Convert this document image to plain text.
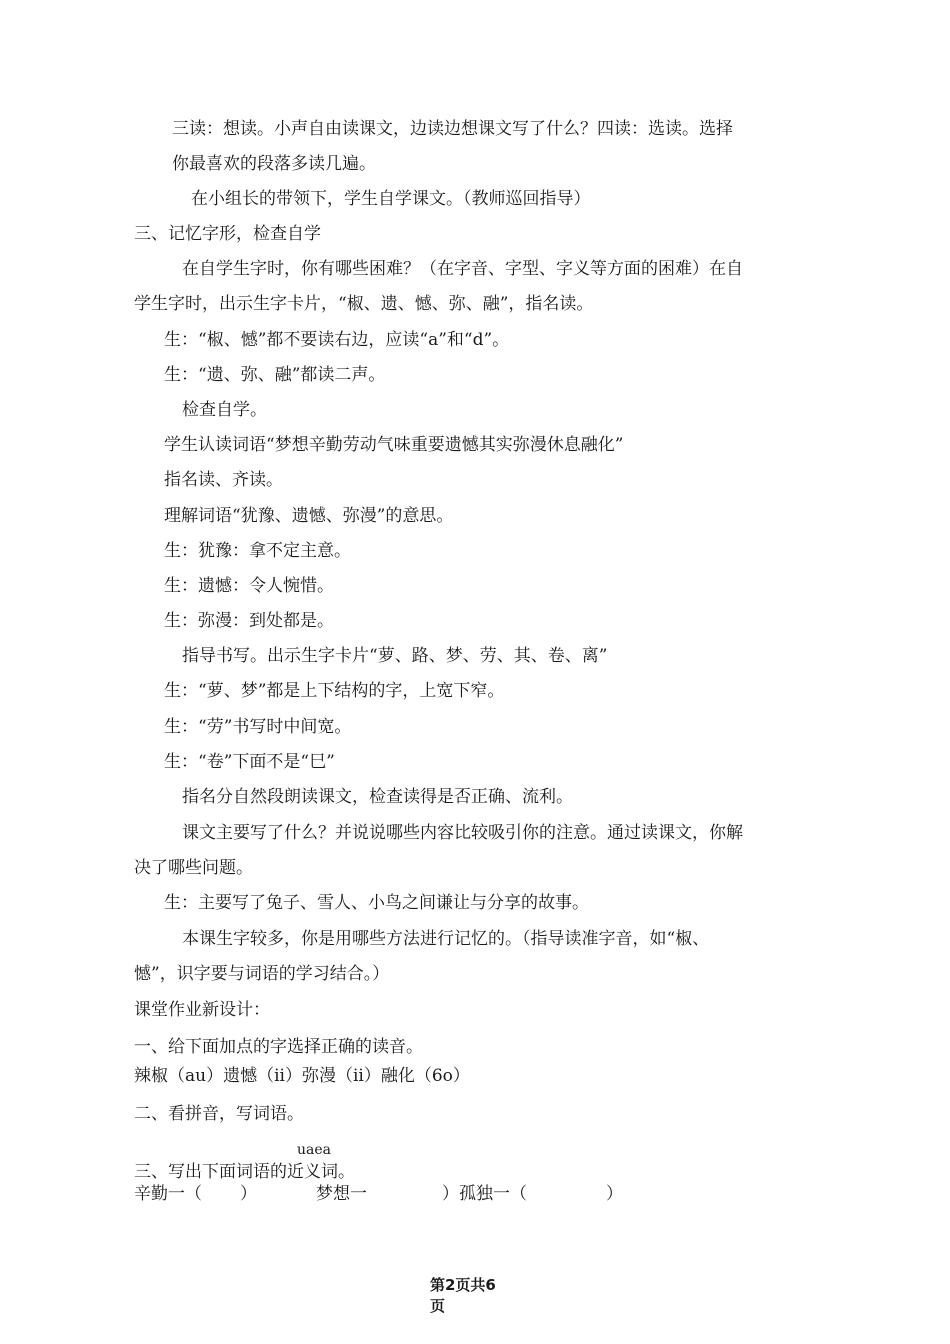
三读：想读。小声自由读课文，边读边想课文写了什么？四读：选读。选择
你最喜欢的段落多读几遍。
在小组长的带领下，学生自学课文。（教师巡回指导）
三、记忆字形，检查自学
在自学生字时，你有哪些困难？（在字音、字型、字义等方面的困难）在自
学生字时，出示生字卡片，“椒、遗、憾、弥、融”，指名读。
生：“椒、憾”都不要读右边，应读“a”和“d”。
生：“遗、弥、融”都读二声。
检查自学。
学生认读词语“梦想辛勤劳动气味重要遗憾其实弥漫休息融化”
指名读、齐读。
理解词语“犹豫、遗憾、弥漫”的意思。
生：犹豫：拿不定主意。
生：遗憾：令人惋惜。
生：弥漫：到处都是。
指导书写。出示生字卡片“萝、路、梦、劳、其、卷、离”
生：“萝、梦”都是上下结构的字，上宽下窄。
生：“劳”书写时中间宽。
生：“卷”下面不是“巳”
指名分自然段朗读课文，检查读得是否正确、流利。
课文主要写了什么？并说说哪些内容比较吸引你的注意。通过读课文，你解
决了哪些问题。
生：主要写了兔子、雪人、小鸟之间谦让与分享的故事。
本课生字较多，你是用哪些方法进行记忆的。（指导读准字音，如“椒、
憾”，识字要与词语的学习结合。）
课堂作业新设计：
一、给下面加点的字选择正确的读音。
辣椒（au）遗憾（ii）弥漫（ii）融化（6o）
二、看拼音，写词语。
uaea
三、写出下面词语的近义词。
辛勤一（ ）	梦想一	）孤独一（	）
第2页共6
页
